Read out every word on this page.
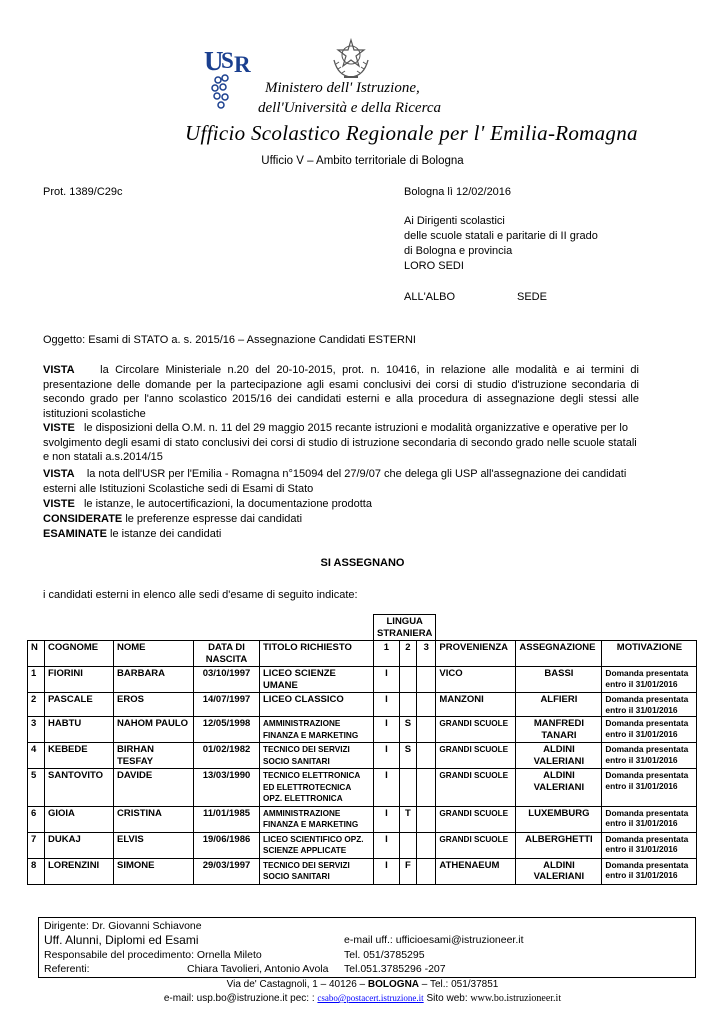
U
S R
Ministero dell' Istruzione,
dell'Università e della Ricerca
Ufficio Scolastico Regionale per l' Emilia-Romagna
Ufficio V – Ambito territoriale di Bologna
Prot. 1389/C29c	Bologna lì 12/02/2016
Ai Dirigenti scolastici
delle scuole statali e paritarie di II grado
di Bologna e provincia
LORO SEDI
ALL'ALBO	SEDE
Oggetto: Esami di STATO a. s. 2015/16 – Assegnazione Candidati ESTERNI
VISTA la Circolare Ministeriale n.20 del 20-10-2015, prot. n. 10416, in relazione alle modalità e ai termini di presentazione delle domande per la partecipazione agli esami conclusivi dei corsi di studio d'istruzione secondaria di secondo grado per l'anno scolastico 2015/16 dei candidati esterni e alla procedura di assegnazione degli stessi alle istituzioni scolastiche
VISTE le disposizioni della O.M. n. 11 del 29 maggio 2015 recante istruzioni e modalità organizzative e operative per lo svolgimento degli esami di stato conclusivi dei corsi di studio di istruzione secondaria di secondo grado nelle scuole statali e non statali a.s.2014/15
VISTA la nota dell'USR per l'Emilia - Romagna n°15094 del 27/9/07 che delega gli USP all'assegnazione dei candidati esterni alle Istituzioni Scolastiche sedi di Esami di Stato
VISTE le istanze, le autocertificazioni, la documentazione prodotta
CONSIDERATE le preferenze espresse dai candidati
ESAMINATE le istanze dei candidati
SI ASSEGNANO
i candidati esterni in elenco alle sedi d'esame di seguito indicate:
					LINGUA STRANIERA					
N	COGNOME	NOME	DATA DI NASCITA	TITOLO RICHIESTO	1	2	3	PROVENIENZA	ASSEGNAZIONE	MOTIVAZIONE
1	FIORINI	BARBARA	03/10/1997	LICEO SCIENZE UMANE	I			VICO	BASSI	Domanda presentata entro il 31/01/2016
2	PASCALE	EROS	14/07/1997	LICEO CLASSICO	I			MANZONI	ALFIERI	Domanda presentata entro il 31/01/2016
3	HABTU	NAHOM PAULO	12/05/1998	AMMINISTRAZIONE FINANZA E MARKETING	I	S		GRANDI SCUOLE	MANFREDI TANARI	Domanda presentata entro il 31/01/2016
4	KEBEDE	BIRHAN TESFAY	01/02/1982	TECNICO DEI SERVIZI SOCIO SANITARI	I	S		GRANDI SCUOLE	ALDINI VALERIANI	Domanda presentata entro il 31/01/2016
5	SANTOVITO	DAVIDE	13/03/1990	TECNICO ELETTRONICA ED ELETTROTECNICA OPZ. ELETTRONICA	I			GRANDI SCUOLE	ALDINI VALERIANI	Domanda presentata entro il 31/01/2016
6	GIOIA	CRISTINA	11/01/1985	AMMINISTRAZIONE FINANZA E MARKETING	I	T		GRANDI SCUOLE	LUXEMBURG	Domanda presentata entro il 31/01/2016
7	DUKAJ	ELVIS	19/06/1986	LICEO SCIENTIFICO OPZ. SCIENZE APPLICATE	I			GRANDI SCUOLE	ALBERGHETTI	Domanda presentata entro il 31/01/2016
8	LORENZINI	SIMONE	29/03/1997	TECNICO DEI SERVIZI SOCIO SANITARI	I	F		ATHENAEUM	ALDINI VALERIANI	Domanda presentata entro il 31/01/2016
Dirigente: Dr. Giovanni Schiavone
Uff. Alunni, Diplomi ed Esami	e-mail uff.: ufficioesami@istruzioneer.it
Responsabile del procedimento: Ornella Mileto	Tel. 051/3785295
Referenti:	Chiara Tavolieri, Antonio Avola Tel.051.3785296 -207
Via de' Castagnoli, 1 – 40126 – BOLOGNA – Tel.: 051/37851
e-mail: usp.bo@istruzione.it pec: : csabo@postacert.istruzione.it Sito web: www.bo.istruzioneer.it
